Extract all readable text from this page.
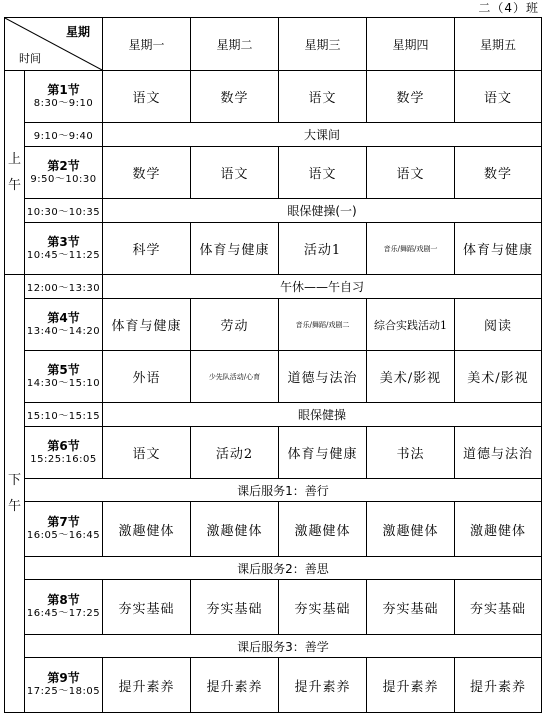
二（4）班
星期
时间		星期一	星期二	星期三	星期四	星期五

上
午	第1节
8:30～9:10	语文	数学	语文	数学	语文
	9:10～9:40	大课间				

	第2节
9:50～10:30	数学	语文	语文	语文	数学
	10:30～10:35	眼保健操(一)				

	第3节
10:45～11:25	科学	体育与健康	活动1	音乐/舞蹈/戏剧一	体育与健康

下
午	12:00～13:30	午休——午自习				

	第4节
13:40～14:20	体育与健康	劳动	音乐/舞蹈/戏剧二	综合实践活动1	阅读

	第5节
14:30～15:10	外语	少先队活动/心育	道德与法治	美术/影视	美术/影视
	15:10～15:15	眼保健操				

	第6节
15:25:16:05	语文	活动2	体育与健康	书法	道德与法治
	课后服务1：善行					

	第7节
16:05～16:45	激趣健体	激趣健体	激趣健体	激趣健体	激趣健体
	课后服务2：善思					

	第8节
16:45～17:25	夯实基础	夯实基础	夯实基础	夯实基础	夯实基础
	课后服务3：善学					

	第9节
17:25～18:05	提升素养	提升素养	提升素养	提升素养	提升素养
